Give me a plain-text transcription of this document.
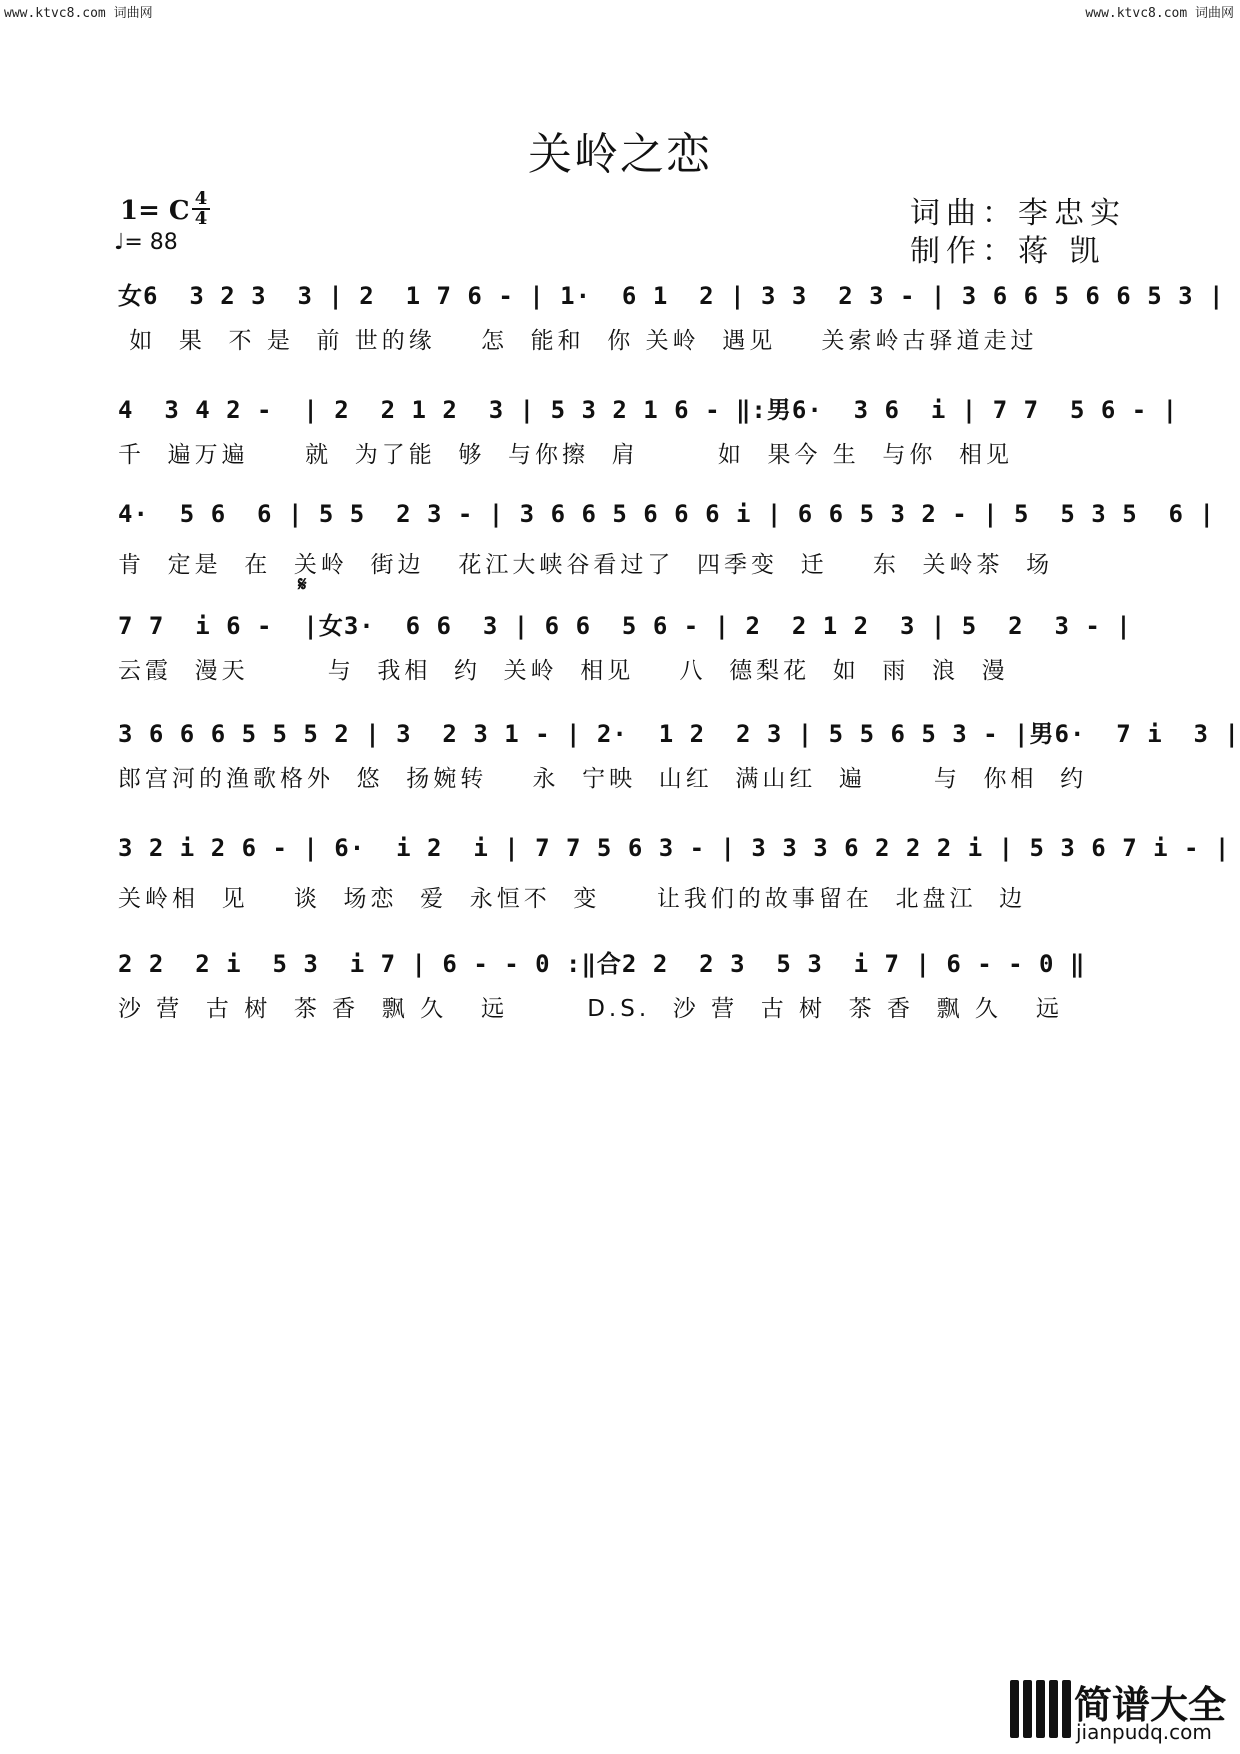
www.ktvc8.com 词曲网	www.ktvc8.com 词曲网
关岭之恋
1= C 4
4
♩= 88
词曲：李忠实
制作：蒋 凯
女6  3 2 3  3 | 2  1 7 6 - | 1·  6 1  2 | 3 3  2 3 - | 3 6 6 5 6 6 5 3 |
如  果  不 是  前 世的缘    怎  能和  你 关岭  遇见    关索岭古驿道走过
4  3 4 2 -  | 2  2 1 2  3 | 5 3 2 1 6 - ‖:男6·  3 6  i | 7 7  5 6 - |
千  遍万遍     就  为了能  够  与你擦  肩       如  果今 生  与你  相见
4·  5 6  6 | 5 5  2 3 - | 3 6 6 5 6 6 6 i | 6 6 5 3 2 - | 5  5 3 5  6 |
肯  定是  在  关岭  街边   花江大峡谷看过了  四季变  迁    东  关岭茶  场
𝄋
7 7  i 6 -  |女3·  6 6  3 | 6 6  5 6 - | 2  2 1 2  3 | 5  2  3 - |
云霞  漫天       与  我相  约  关岭  相见    八  德梨花  如  雨  浪  漫
3 6 6 6 5 5 5 2 | 3  2 3 1 - | 2·  1 2  2 3 | 5 5 6 5 3 - |男6·  7 i  3 |
郎宫河的渔歌格外  悠  扬婉转    永  宁映  山红  满山红  遍      与  你相  约
3 2 i 2 6 - | 6·  i 2  i | 7 7 5 6 3 - | 3 3 3 6 2 2 2 i | 5 3 6 7 i - |
关岭相  见    谈  场恋  爱  永恒不  变     让我们的故事留在  北盘江  边
2 2  2 i  5 3  i 7 | 6 - - 0 :‖合2 2  2 3  5 3  i 7 | 6 - - 0 ‖
沙 营  古 树  茶 香  飘 久   远       D.S.  沙 营  古 树  茶 香  飘 久   远
简谱大全
jianpudq.com
